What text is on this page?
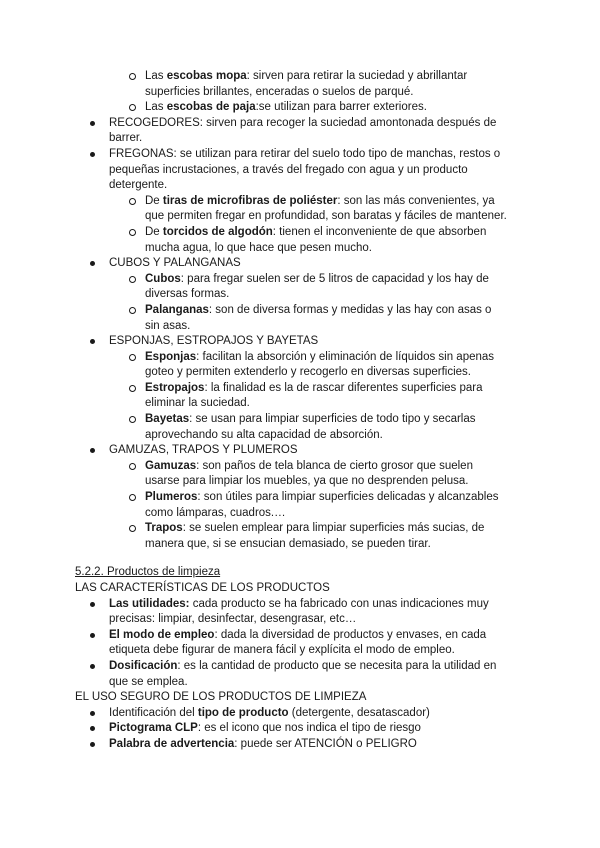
Las escobas mopa: sirven para retirar la suciedad y abrillantar
superficies brillantes, enceradas o suelos de parqué.
Las escobas de paja:se utilizan para barrer exteriores.
RECOGEDORES: sirven para recoger la suciedad amontonada después de
barrer.
FREGONAS: se utilizan para retirar del suelo todo tipo de manchas, restos o
pequeñas incrustaciones, a través del fregado con agua y un producto
detergente.
De tiras de microfibras de poliéster: son las más convenientes, ya
que permiten fregar en profundidad, son baratas y fáciles de mantener.
De torcidos de algodón: tienen el inconveniente de que absorben
mucha agua, lo que hace que pesen mucho.
CUBOS Y PALANGANAS
Cubos: para fregar suelen ser de 5 litros de capacidad y los hay de
diversas formas.
Palanganas: son de diversa formas y medidas y las hay con asas o
sin asas.
ESPONJAS, ESTROPAJOS Y BAYETAS
Esponjas: facilitan la absorción y eliminación de líquidos sin apenas
goteo y permiten extenderlo y recogerlo en diversas superficies.
Estropajos: la finalidad es la de rascar diferentes superficies para
eliminar la suciedad.
Bayetas: se usan para limpiar superficies de todo tipo y secarlas
aprovechando su alta capacidad de absorción.
GAMUZAS, TRAPOS Y PLUMEROS
Gamuzas: son paños de tela blanca de cierto grosor que suelen
usarse para limpiar los muebles, ya que no desprenden pelusa.
Plumeros: son útiles para limpiar superficies delicadas y alcanzables
como lámparas, cuadros.…
Trapos: se suelen emplear para limpiar superficies más sucias, de
manera que, si se ensucian demasiado, se pueden tirar.
5.2.2. Productos de limpieza
LAS CARACTERÍSTICAS DE LOS PRODUCTOS
Las utilidades: cada producto se ha fabricado con unas indicaciones muy
precisas: limpiar, desinfectar, desengrasar, etc…
El modo de empleo: dada la diversidad de productos y envases, en cada
etiqueta debe figurar de manera fácil y explícita el modo de empleo.
Dosificación: es la cantidad de producto que se necesita para la utilidad en
que se emplea.
EL USO SEGURO DE LOS PRODUCTOS DE LIMPIEZA
Identificación del tipo de producto (detergente, desatascador)
Pictograma CLP: es el icono que nos indica el tipo de riesgo
Palabra de advertencia: puede ser ATENCIÓN o PELIGRO
